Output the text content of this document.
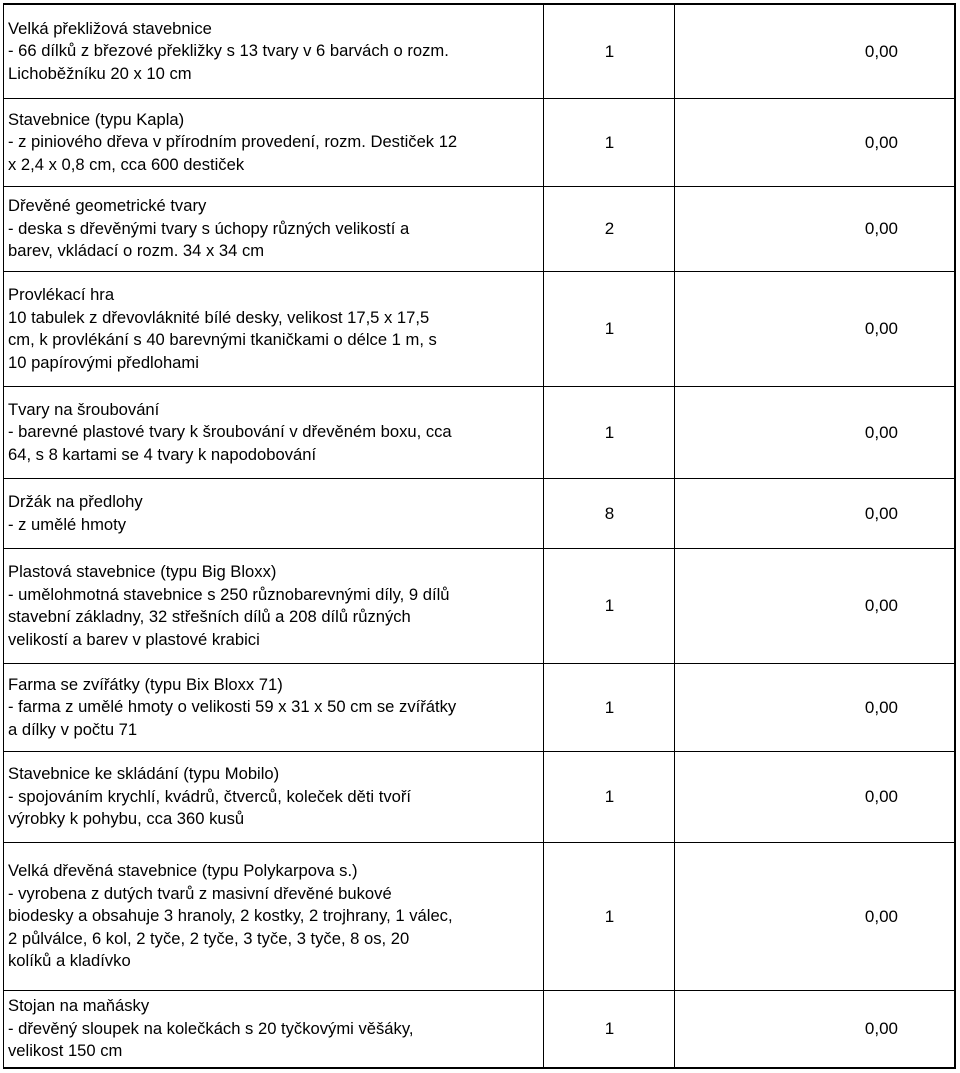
Velká překližová stavebnice
- 66 dílků z březové překližky s 13 tvary v 6 barvách o rozm.
Lichoběžníku 20 x 10 cm
1	0,00
Stavebnice (typu Kapla)
- z piniového dřeva v přírodním provedení, rozm. Destiček 12
x 2,4 x 0,8 cm, cca 600 destiček
1	0,00
Dřevěné geometrické tvary
- deska s dřevěnými tvary s úchopy různých velikostí a
barev, vkládací o rozm. 34 x 34 cm
2	0,00
Provlékací hra
10 tabulek z dřevovláknité bílé desky, velikost 17,5 x 17,5
cm, k provlékání s 40 barevnými tkaničkami o délce 1 m, s
10 papírovými předlohami
1	0,00
Tvary na šroubování
- barevné plastové tvary k šroubování v dřevěném boxu, cca
64, s 8 kartami se 4 tvary k napodobování
1	0,00
Držák na předlohy
- z umělé hmoty
8	0,00
Plastová stavebnice (typu Big Bloxx)
- umělohmotná stavebnice s 250 různobarevnými díly, 9 dílů
stavební základny, 32 střešních dílů a 208 dílů různých
velikostí a barev v plastové krabici
1	0,00
Farma se zvířátky (typu Bix Bloxx 71)
- farma z umělé hmoty o velikosti 59 x 31 x 50 cm se zvířátky
a dílky v počtu 71
1	0,00
Stavebnice ke skládání (typu Mobilo)
- spojováním krychlí, kvádrů, čtverců, koleček děti tvoří
výrobky k pohybu, cca 360 kusů
1	0,00
Velká dřevěná stavebnice (typu Polykarpova s.)
- vyrobena z dutých tvarů z masivní dřevěné bukové
biodesky a obsahuje 3 hranoly, 2 kostky, 2 trojhrany, 1 válec,
2 půlválce, 6 kol, 2 tyče, 2 tyče, 3 tyče, 3 tyče, 8 os, 20
kolíků a kladívko
1	0,00
Stojan na maňásky
- dřevěný sloupek na kolečkách s 20 tyčkovými věšáky,
velikost 150 cm
1	0,00
